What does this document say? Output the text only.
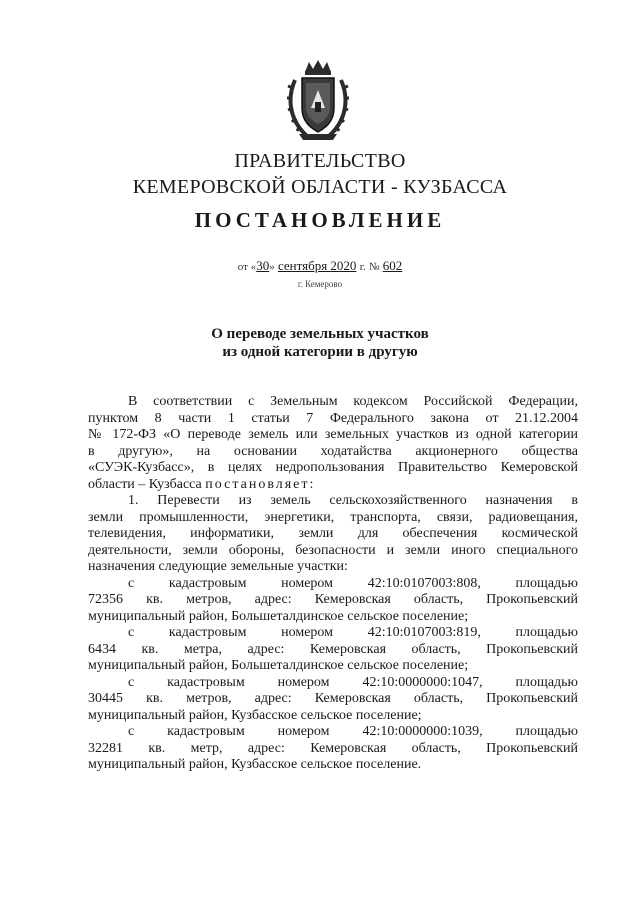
ПРАВИТЕЛЬСТВО
КЕМЕРОВСКОЙ ОБЛАСТИ - КУЗБАССА
ПОСТАНОВЛЕНИЕ
от «30» сентября 2020 г. № 602
г. Кемерово
О переводе земельных участков
из одной категории в другую
В соответствии с Земельным кодексом Российской Федерации,
пунктом 8 части 1 статьи 7 Федерального закона от 21.12.2004
№ 172-ФЗ «О переводе земель или земельных участков из одной категории
в другую», на основании ходатайства акционерного общества
«СУЭК-Кузбасс», в целях недропользования Правительство Кемеровской
области – Кузбасса постановляет:
1. Перевести из земель сельскохозяйственного назначения в
земли промышленности, энергетики, транспорта, связи, радиовещания,
телевидения, информатики, земли для обеспечения космической
деятельности, земли обороны, безопасности и земли иного специального
назначения следующие земельные участки:
с кадастровым номером 42:10:0107003:808, площадью
72356 кв. метров, адрес: Кемеровская область, Прокопьевский
муниципальный район, Большеталдинское сельское поселение;
с кадастровым номером 42:10:0107003:819, площадью
6434 кв. метра, адрес: Кемеровская область, Прокопьевский
муниципальный район, Большеталдинское сельское поселение;
с кадастровым номером 42:10:0000000:1047, площадью
30445 кв. метров, адрес: Кемеровская область, Прокопьевский
муниципальный район, Кузбасское сельское поселение;
с кадастровым номером 42:10:0000000:1039, площадью
32281 кв. метр, адрес: Кемеровская область, Прокопьевский
муниципальный район, Кузбасское сельское поселение.
